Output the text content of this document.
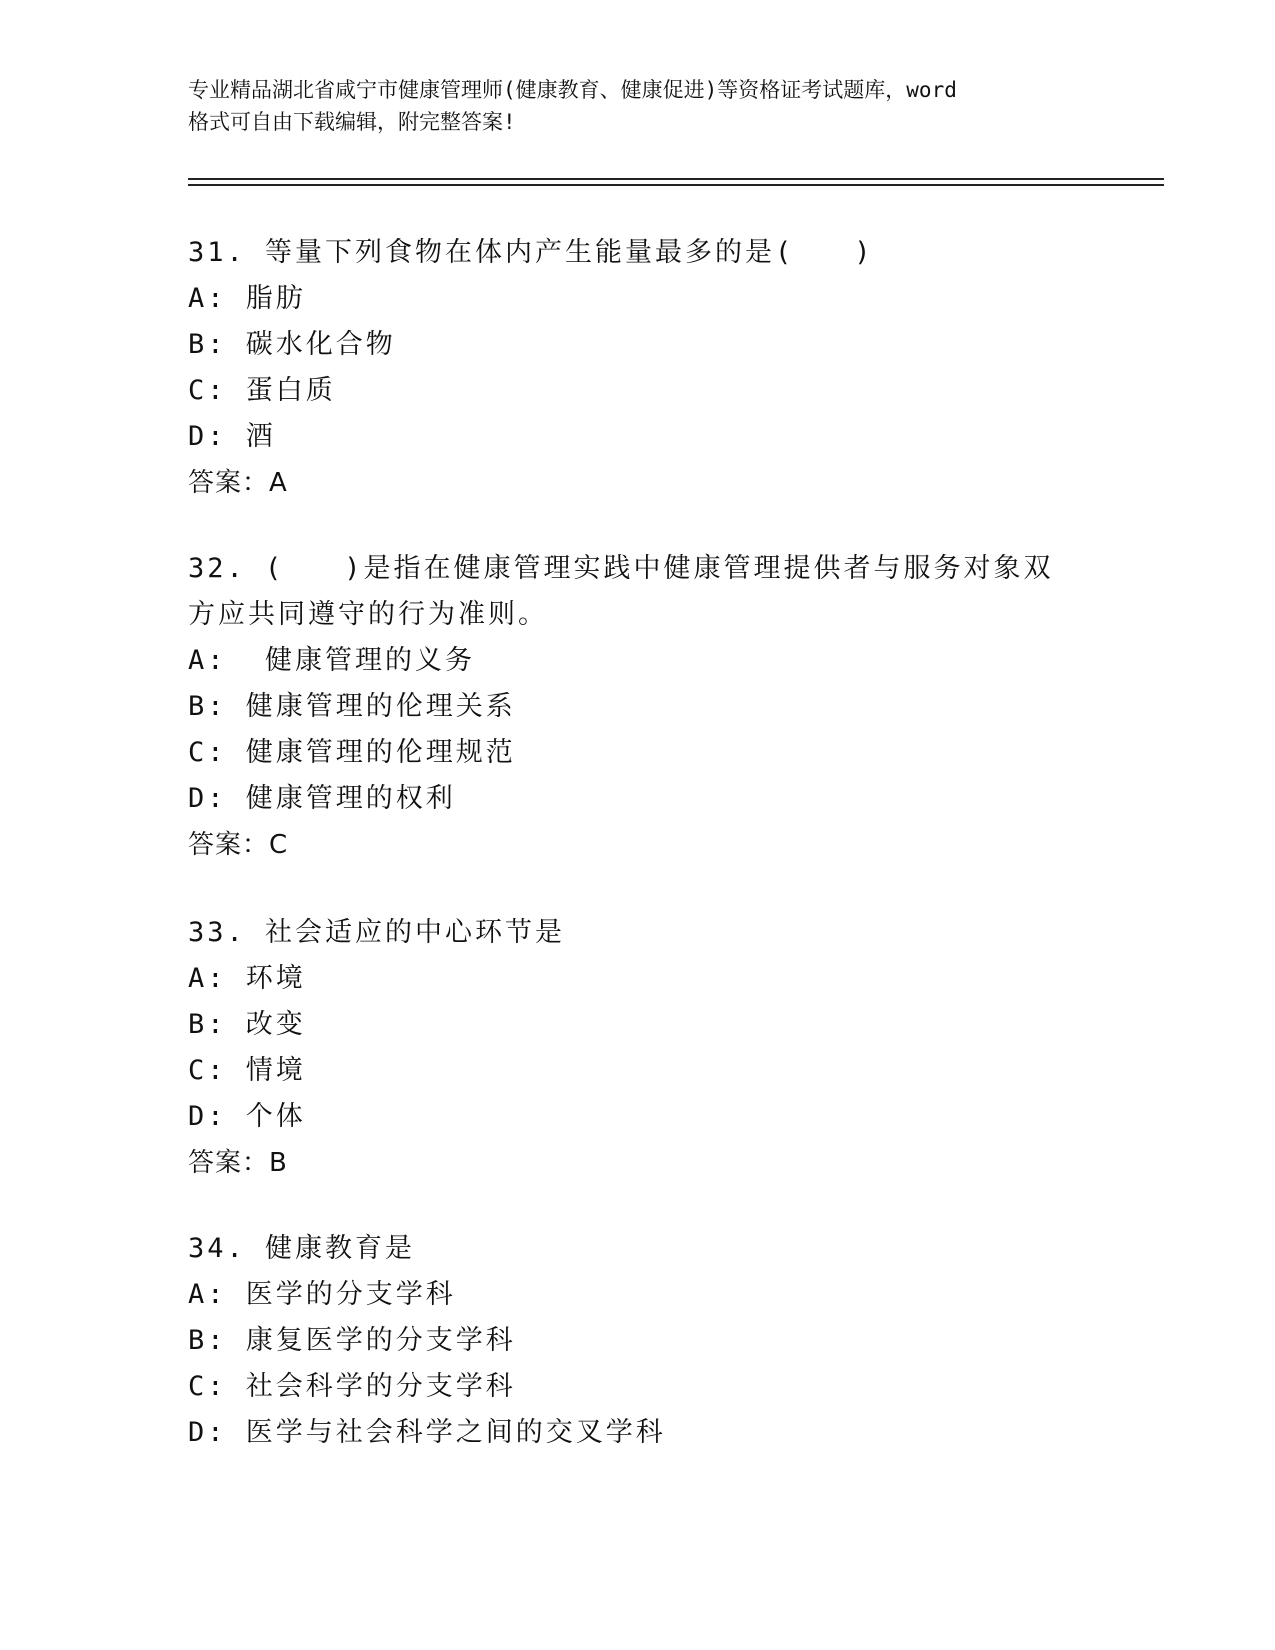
专业精品湖北省咸宁市健康管理师(健康教育、健康促进)等资格证考试题库，word
格式可自由下载编辑，附完整答案!
31. 等量下列食物在体内产生能量最多的是(　　)
A: 脂肪
B: 碳水化合物
C: 蛋白质
D: 酒
答案：A
32. (　　)是指在健康管理实践中健康管理提供者与服务对象双方应共同遵守的行为准则。
A:  健康管理的义务
B: 健康管理的伦理关系
C: 健康管理的伦理规范
D: 健康管理的权利
答案：C
33. 社会适应的中心环节是
A: 环境
B: 改变
C: 情境
D: 个体
答案：B
34. 健康教育是
A: 医学的分支学科
B: 康复医学的分支学科
C: 社会科学的分支学科
D: 医学与社会科学之间的交叉学科
